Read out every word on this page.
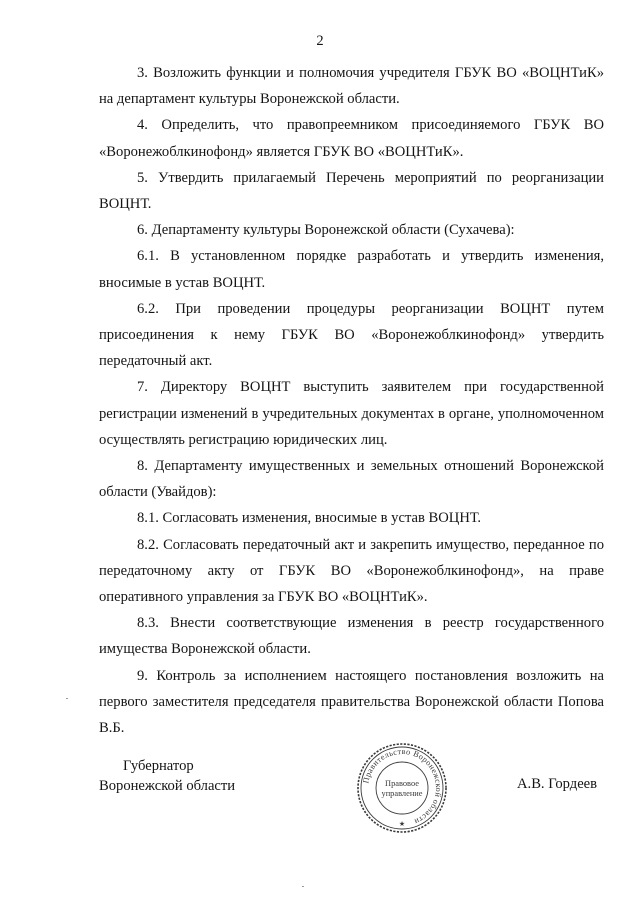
2

3. Возложить функции и полномочия учредителя ГБУК ВО «ВОЦНТиК» на департамент культуры Воронежской области.

4. Определить, что правопреемником присоединяемого ГБУК ВО «Воронежоблкинофонд» является ГБУК ВО «ВОЦНТиК».

5. Утвердить прилагаемый Перечень мероприятий по реорганизации ВОЦНТ.

6. Департаменту культуры Воронежской области (Сухачева):

6.1. В установленном порядке разработать и утвердить изменения, вносимые в устав ВОЦНТ.

6.2. При проведении процедуры реорганизации ВОЦНТ путем присоединения к нему ГБУК ВО «Воронежоблкинофонд» утвердить передаточный акт.

7. Директору ВОЦНТ выступить заявителем при государственной регистрации изменений в учредительных документах в органе, уполномоченном осуществлять регистрацию юридических лиц.

8. Департаменту имущественных и земельных отношений Воронежской области (Увайдов):

8.1. Согласовать изменения, вносимые в устав ВОЦНТ.

8.2. Согласовать передаточный акт и закрепить имущество, переданное по передаточному акту от ГБУК ВО «Воронежоблкинофонд», на праве оперативного управления за ГБУК ВО «ВОЦНТиК».

8.3. Внести соответствующие изменения в реестр государственного имущества Воронежской области.

9. Контроль за исполнением настоящего постановления возложить на первого заместителя председателя правительства Воронежской области Попова В.Б.

Губернатор
Воронежской области	Правительство Воронежской области
Правовое
управление
★
А.В. Гордеев
